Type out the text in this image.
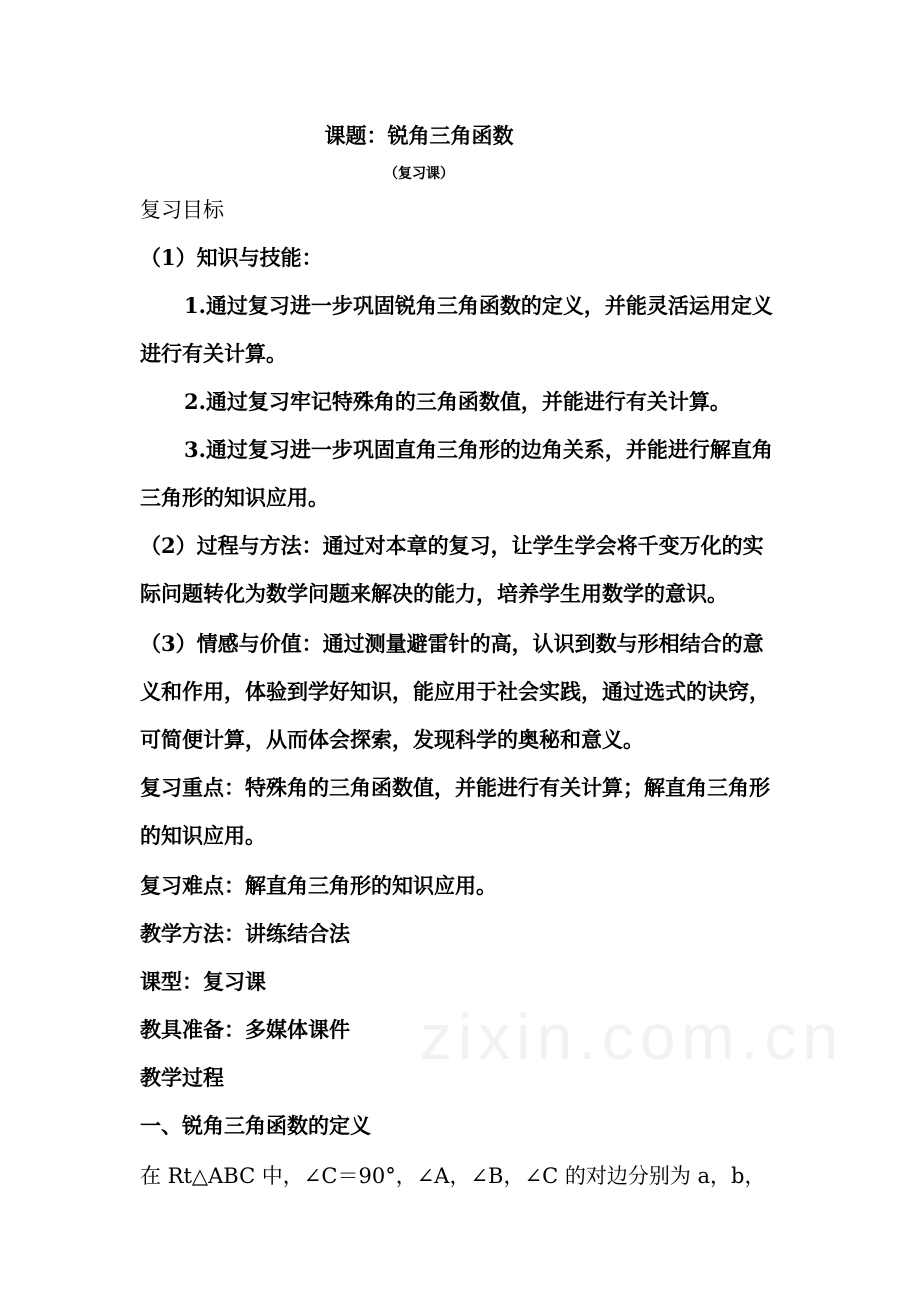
课题：锐角三角函数
（复习课）
复习目标
（1）知识与技能：
1.通过复习进一步巩固锐角三角函数的定义，并能灵活运用定义
进行有关计算。
2.通过复习牢记特殊角的三角函数值，并能进行有关计算。
3.通过复习进一步巩固直角三角形的边角关系，并能进行解直角
三角形的知识应用。
（2）过程与方法：通过对本章的复习，让学生学会将千变万化的实
际问题转化为数学问题来解决的能力，培养学生用数学的意识。
（3）情感与价值：通过测量避雷针的高，认识到数与形相结合的意
义和作用，体验到学好知识，能应用于社会实践，通过选式的诀窍，
可简便计算，从而体会探索，发现科学的奥秘和意义。
复习重点：特殊角的三角函数值，并能进行有关计算；解直角三角形
的知识应用。
复习难点：解直角三角形的知识应用。
教学方法：讲练结合法
课型：复习课
教具准备：多媒体课件
教学过程
一、锐角三角函数的定义
在 Rt△ABC 中，∠C＝90°，∠A，∠B，∠C 的对边分别为 a，b，
zixin.com.cn
